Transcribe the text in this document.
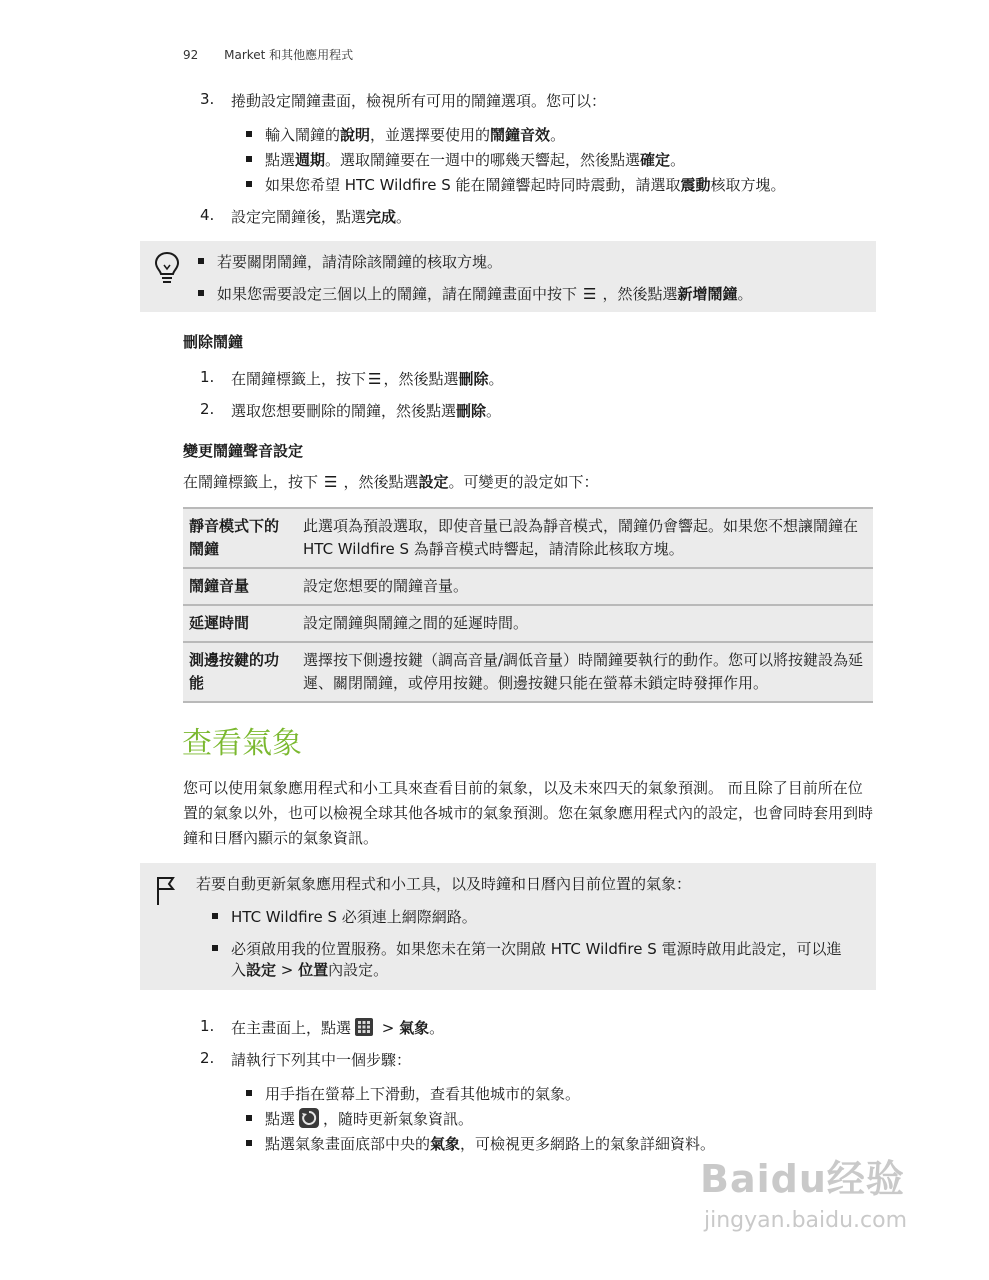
92 Market 和其他應用程式
3. 捲動設定鬧鐘畫面，檢視所有可用的鬧鐘選項。您可以：
輸入鬧鐘的說明，並選擇要使用的鬧鐘音效。
點選週期。選取鬧鐘要在一週中的哪幾天響起，然後點選確定。
如果您希望 HTC Wildfire S 能在鬧鐘響起時同時震動，請選取震動核取方塊。
4. 設定完鬧鐘後，點選完成。
若要關閉鬧鐘，請清除該鬧鐘的核取方塊。
如果您需要設定三個以上的鬧鐘，請在鬧鐘畫面中按下 ☰ ，然後點選新增鬧鐘。
刪除鬧鐘
1. 在鬧鐘標籤上，按下 ☰ ，然後點選刪除。
2. 選取您想要刪除的鬧鐘，然後點選刪除。
變更鬧鐘聲音設定
在鬧鐘標籤上，按下 ☰ ，然後點選設定。可變更的設定如下：
靜音模式下的鬧鐘	此選項為預設選取，即使音量已設為靜音模式，鬧鐘仍會響起。如果您不想讓鬧鐘在 HTC Wildfire S 為靜音模式時響起，請清除此核取方塊。
鬧鐘音量	設定您想要的鬧鐘音量。
延遲時間	設定鬧鐘與鬧鐘之間的延遲時間。
測邊按鍵的功能	選擇按下側邊按鍵（調高音量/調低音量）時鬧鐘要執行的動作。您可以將按鍵設為延遲、關閉鬧鐘，或停用按鍵。側邊按鍵只能在螢幕未鎖定時發揮作用。
查看氣象
您可以使用氣象應用程式和小工具來查看目前的氣象，以及未來四天的氣象預測。 而且除了目前所在位置的氣象以外，也可以檢視全球其他各城市的氣象預測。您在氣象應用程式內的設定，也會同時套用到時鐘和日曆內顯示的氣象資訊。
若要自動更新氣象應用程式和小工具，以及時鐘和日曆內目前位置的氣象：
HTC Wildfire S 必須連上網際網路。
必須啟用我的位置服務。如果您未在第一次開啟 HTC Wildfire S 電源時啟用此設定，可以進
入設定 > 位置內設定。
1. 在主畫面上，點選 > 氣象。
2. 請執行下列其中一個步驟：
用手指在螢幕上下滑動，查看其他城市的氣象。
點選 ，隨時更新氣象資訊。
點選氣象畫面底部中央的氣象，可檢視更多網路上的氣象詳細資料。
Baidu经验
jingyan.baidu.com
